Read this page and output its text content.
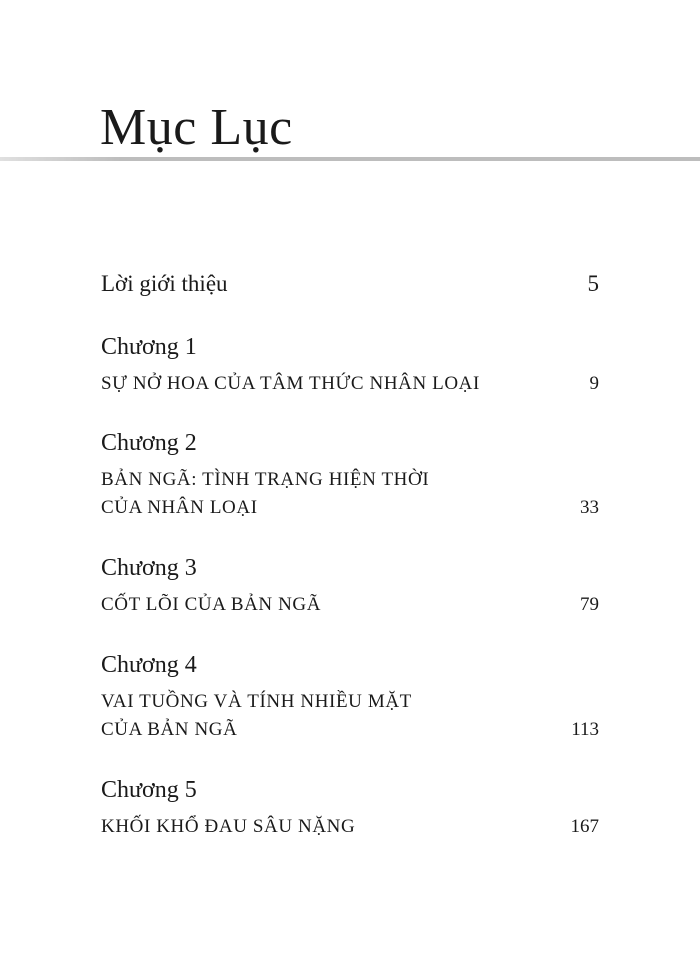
Mục Lục
Lời giới thiệu	5
Chương 1
SỰ NỞ HOA CỦA TÂM THỨC NHÂN LOẠI	9
Chương 2
BẢN NGÃ: TÌNH TRẠNG HIỆN THỜI
CỦA NHÂN LOẠI	33
Chương 3
CỐT LÕI CỦA BẢN NGÃ	79
Chương 4
VAI TUỒNG VÀ TÍNH NHIỀU MẶT
CỦA BẢN NGÃ	113
Chương 5
KHỐI KHỔ ĐAU SÂU NẶNG	167
